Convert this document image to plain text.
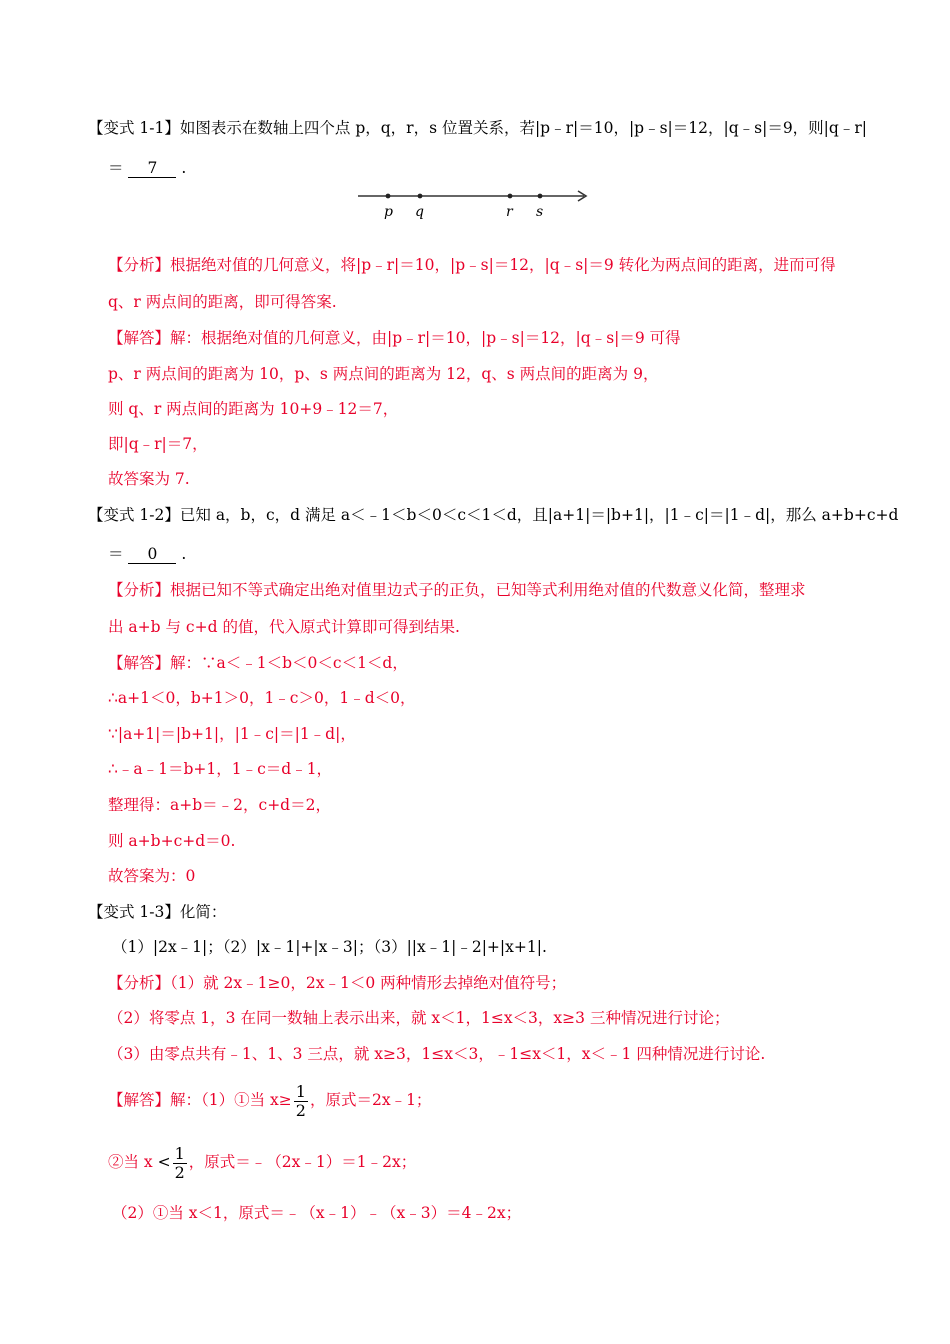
【变式 1-1】如图表示在数轴上四个点 p，q，r，s 位置关系，若|p﹣r|＝10，|p﹣s|＝12，|q﹣s|＝9，则|q﹣r|
＝ 7 .
p q	r s
【分析】根据绝对值的几何意义，将|p﹣r|＝10，|p﹣s|＝12，|q﹣s|＝9 转化为两点间的距离，进而可得
q、r 两点间的距离，即可得答案.
【解答】解：根据绝对值的几何意义，由|p﹣r|＝10，|p﹣s|＝12，|q﹣s|＝9 可得
p、r 两点间的距离为 10，p、s 两点间的距离为 12，q、s 两点间的距离为 9，
则 q、r 两点间的距离为 10+9﹣12＝7，
即|q﹣r|＝7，
故答案为 7.
【变式 1-2】已知 a，b，c，d 满足 a＜﹣1＜b＜0＜c＜1＜d，且|a+1|＝|b+1|，|1﹣c|＝|1﹣d|，那么 a+b+c+d
＝ 0 .
【分析】根据已知不等式确定出绝对值里边式子的正负，已知等式利用绝对值的代数意义化简，整理求
出 a+b 与 c+d 的值，代入原式计算即可得到结果.
【解答】解：∵a＜﹣1＜b＜0＜c＜1＜d，
∴a+1＜0，b+1＞0，1﹣c＞0，1﹣d＜0，
∵|a+1|＝|b+1|，|1﹣c|＝|1﹣d|，
∴﹣a﹣1＝b+1，1﹣c＝d﹣1，
整理得：a+b＝﹣2，c+d＝2，
则 a+b+c+d＝0.
故答案为：0
【变式 1-3】化简：
（1）|2x﹣1|；（2）|x﹣1|+|x﹣3|；（3）||x﹣1|﹣2|+|x+1|.
【分析】（1）就 2x﹣1≥0，2x﹣1＜0 两种情形去掉绝对值符号；
（2）将零点 1，3 在同一数轴上表示出来，就 x＜1，1≤x＜3，x≥3 三种情况进行讨论；
（3）由零点共有﹣1、1、3 三点，就 x≥3，1≤x＜3，﹣1≤x＜1，x＜﹣1 四种情况进行讨论.
【解答】解：（1）①当 $x\ge \frac{1}{2}$ ，原式＝2x﹣1；
②当 $x < \frac{1}{2}$ ，原式＝﹣（2x﹣1）＝1﹣2x；
（2）①当 x＜1，原式＝﹣（x﹣1）﹣（x﹣3）＝4﹣2x；
